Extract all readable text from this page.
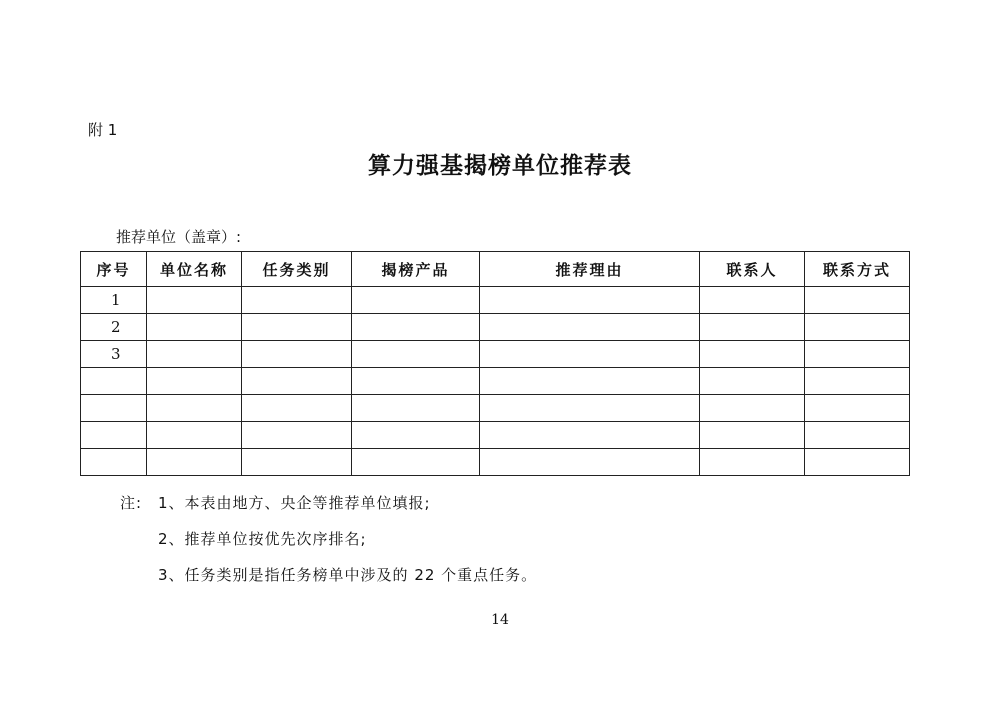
附 1
算力强基揭榜单位推荐表
推荐单位（盖章）:
序号	单位名称	任务类别	揭榜产品	推荐理由	联系人	联系方式
1						
2						
3						

注: 1、本表由地方、央企等推荐单位填报;
2、推荐单位按优先次序排名;
3、任务类别是指任务榜单中涉及的 22 个重点任务。
14
